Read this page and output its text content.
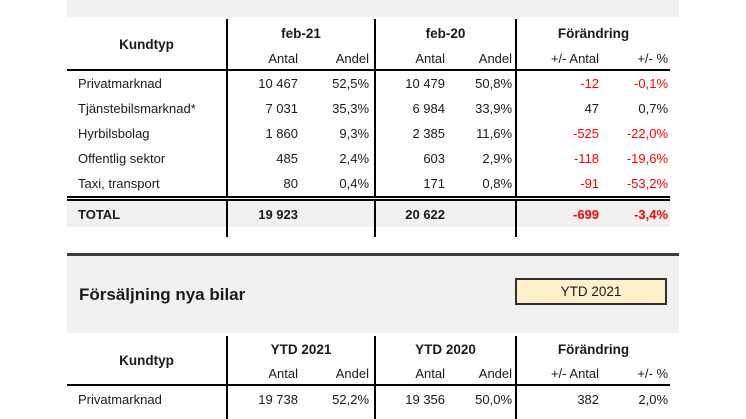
Kundtyp	feb-21		feb-20		Förändring	
	Antal	Andel	Antal	Andel	+/- Antal	+/- %
Privatmarknad	10 467	52,5%	10 479	50,8%	-12	-0,1%
Tjänstebilsmarknad*	7 031	35,3%	6 984	33,9%	47	0,7%
Hyrbilsbolag	1 860	9,3%	2 385	11,6%	-525	-22,0%
Offentlig sektor	485	2,4%	603	2,9%	-118	-19,6%
Taxi, transport	80	0,4%	171	0,8%	-91	-53,2%
TOTAL	19 923		20 622		-699	-3,4%
Försäljning nya bilar	YTD 2021
Kundtyp	YTD 2021		YTD 2020		Förändring	
	Antal	Andel	Antal	Andel	+/- Antal	+/- %
Privatmarknad	19 738	52,2%	19 356	50,0%	382	2,0%
